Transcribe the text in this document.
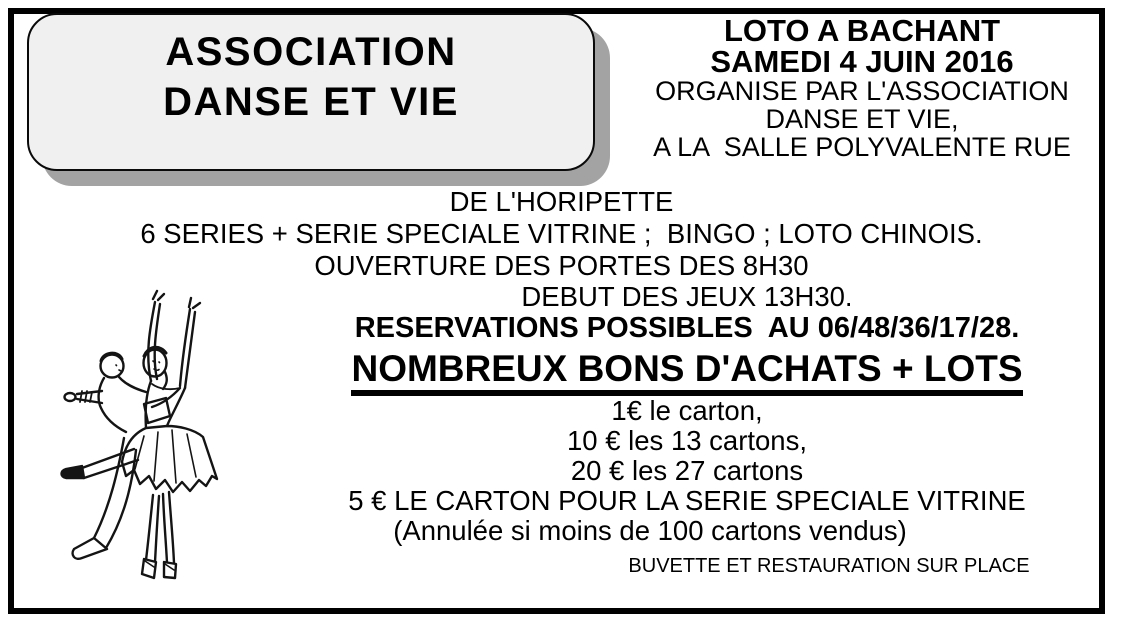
ASSOCIATION
DANSE ET VIE
LOTO A BACHANT
SAMEDI 4 JUIN 2016
ORGANISE PAR L'ASSOCIATION
DANSE ET VIE,
A LA  SALLE POLYVALENTE RUE
DE L'HORIPETTE
6 SERIES + SERIE SPECIALE VITRINE ;  BINGO ; LOTO CHINOIS.
OUVERTURE DES PORTES DES 8H30
DEBUT DES JEUX 13H30.
RESERVATIONS POSSIBLES  AU 06/48/36/17/28.
NOMBREUX BONS D'ACHATS + LOTS
1€ le carton,
10 € les 13 cartons,
20 € les 27 cartons
5 € LE CARTON POUR LA SERIE SPECIALE VITRINE
(Annulée si moins de 100 cartons vendus)
BUVETTE ET RESTAURATION SUR PLACE
